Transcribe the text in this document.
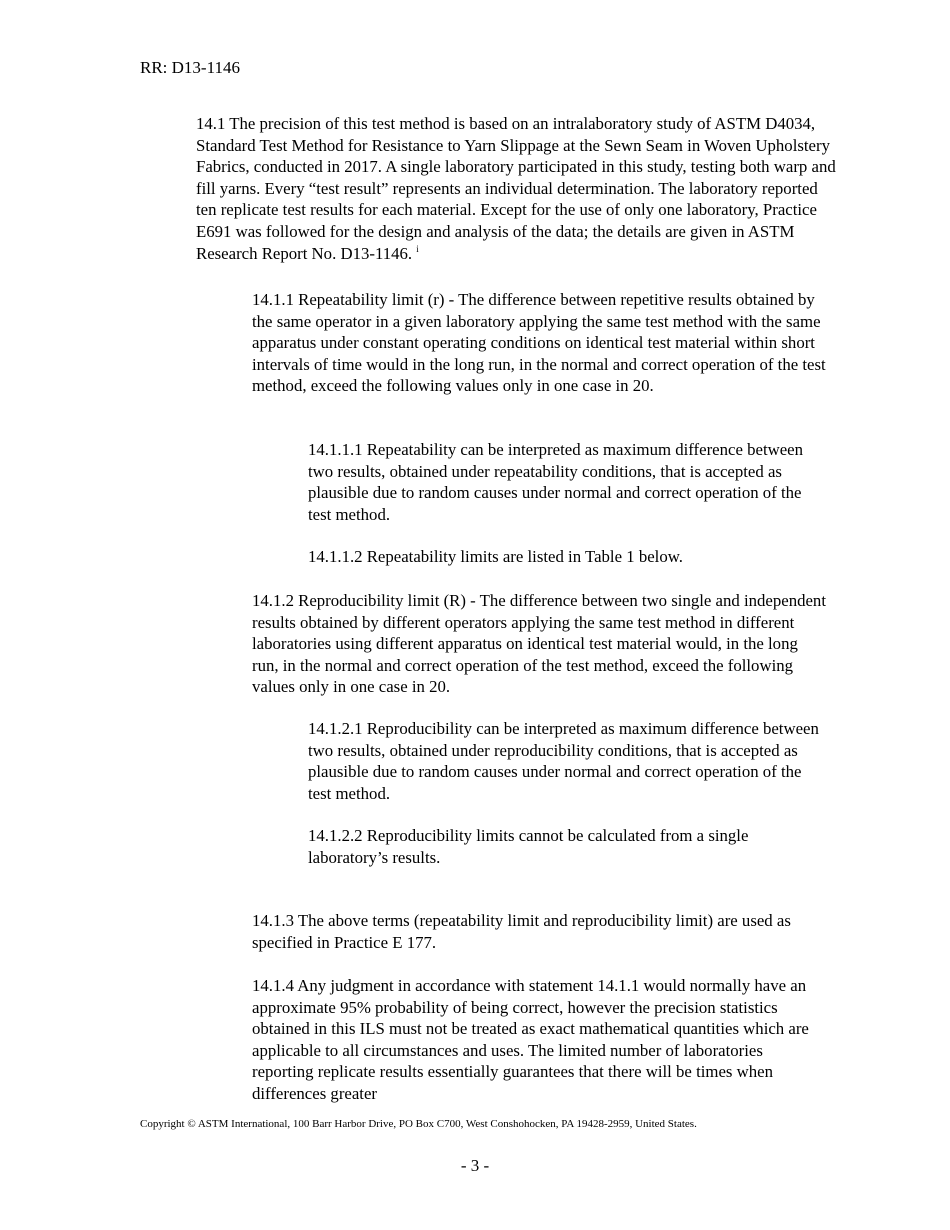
RR: D13-1146

14.1 The precision of this test method is based on an intralaboratory study of ASTM D4034, Standard Test Method for Resistance to Yarn Slippage at the Sewn Seam in Woven Upholstery Fabrics, conducted in 2017. A single laboratory participated in this study, testing both warp and fill yarns. Every “test result” represents an individual determination. The laboratory reported ten replicate test results for each material. Except for the use of only one laboratory, Practice E691 was followed for the design and analysis of the data; the details are given in ASTM Research Report No. D13-1146. $^i$

14.1.1 Repeatability limit (r) - The difference between repetitive results obtained by the same operator in a given laboratory applying the same test method with the same apparatus under constant operating conditions on identical test material within short intervals of time would in the long run, in the normal and correct operation of the test method, exceed the following values only in one case in 20.

14.1.1.1 Repeatability can be interpreted as maximum difference between two results, obtained under repeatability conditions, that is accepted as plausible due to random causes under normal and correct operation of the test method.

14.1.1.2 Repeatability limits are listed in Table 1 below.

14.1.2 Reproducibility limit (R) - The difference between two single and independent results obtained by different operators applying the same test method in different laboratories using different apparatus on identical test material would, in the long run, in the normal and correct operation of the test method, exceed the following values only in one case in 20.

14.1.2.1 Reproducibility can be interpreted as maximum difference between two results, obtained under reproducibility conditions, that is accepted as plausible due to random causes under normal and correct operation of the test method.

14.1.2.2 Reproducibility limits cannot be calculated from a single laboratory’s results.

14.1.3 The above terms (repeatability limit and reproducibility limit) are used as specified in Practice E 177.

14.1.4 Any judgment in accordance with statement 14.1.1 would normally have an approximate 95% probability of being correct, however the precision statistics obtained in this ILS must not be treated as exact mathematical quantities which are applicable to all circumstances and uses. The limited number of laboratories reporting replicate results essentially guarantees that there will be times when differences greater

Copyright © ASTM International, 100 Barr Harbor Drive, PO Box C700, West Conshohocken, PA 19428-2959, United States.
- 3 -
